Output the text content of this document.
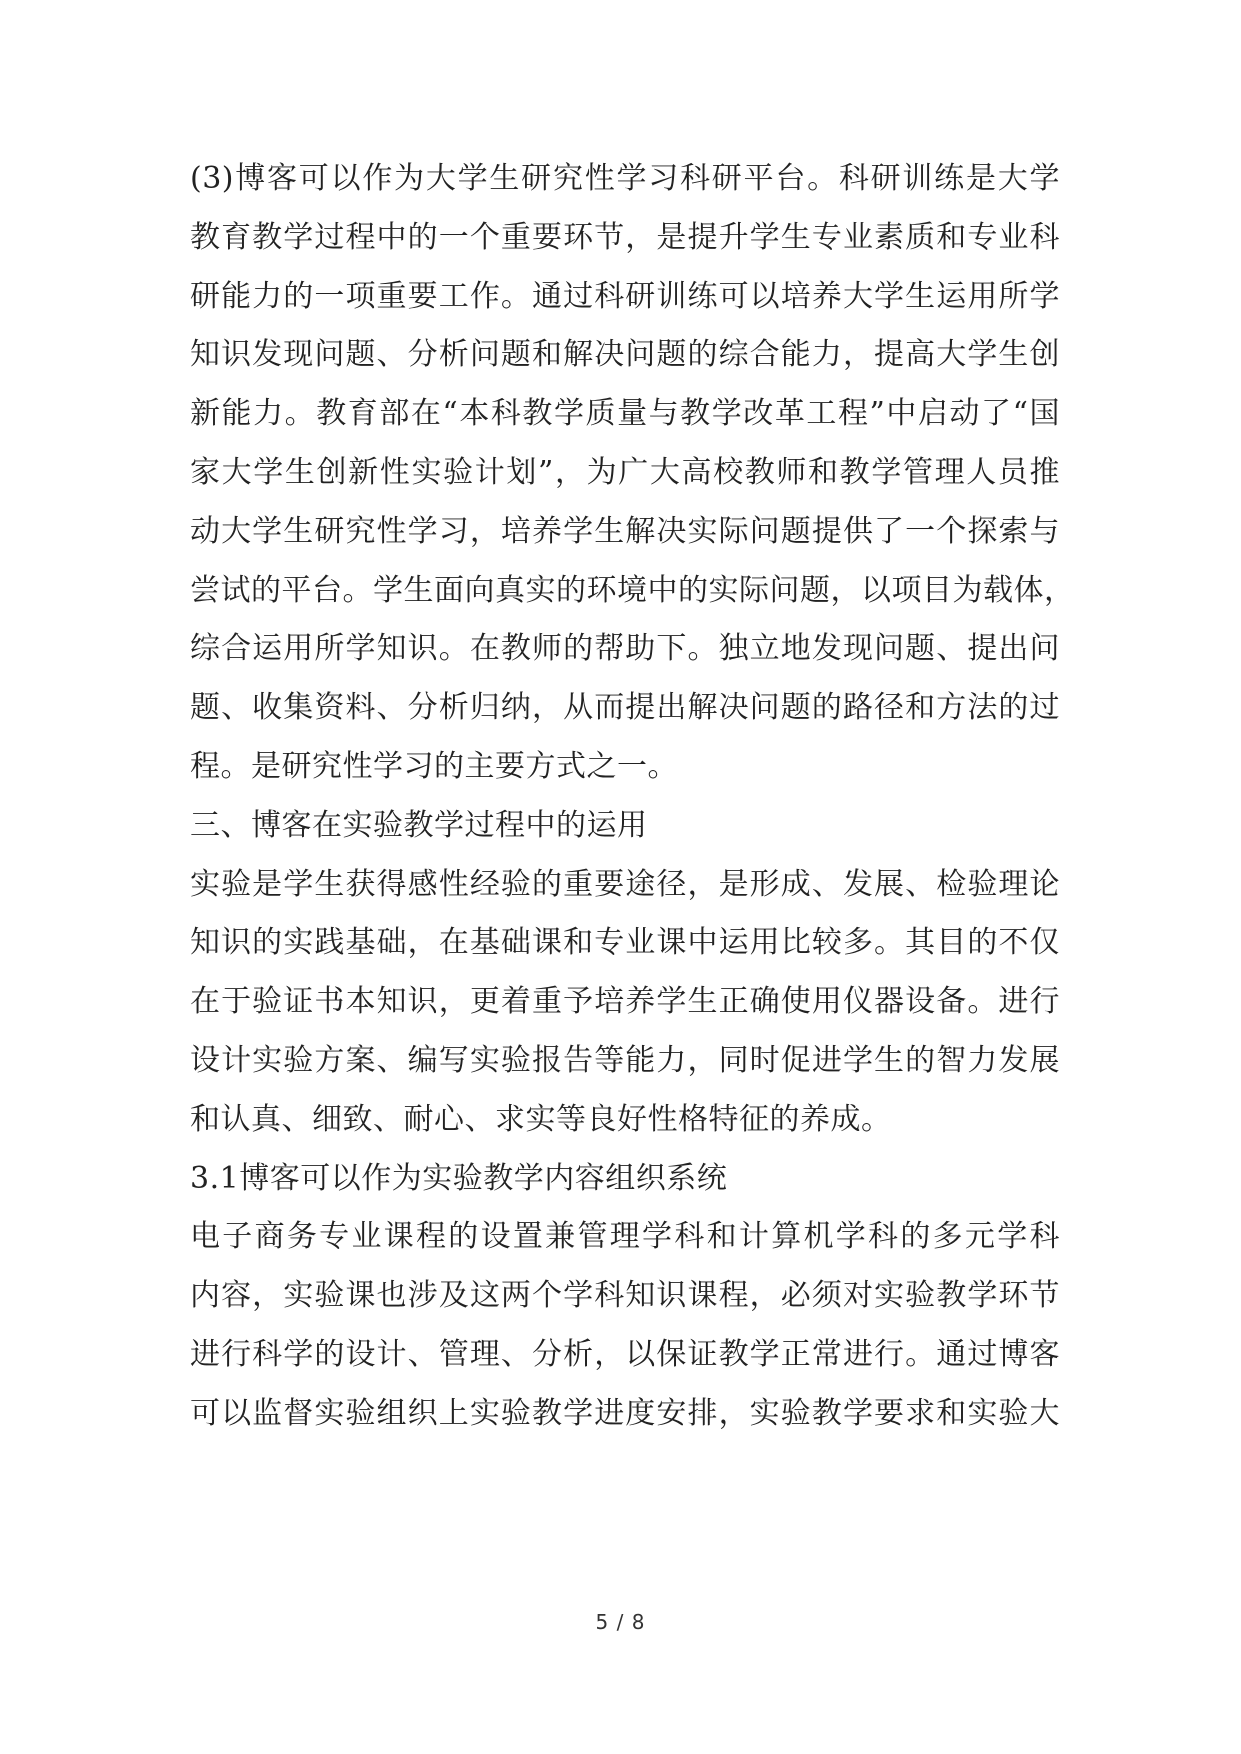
(3)博客可以作为大学生研究性学习科研平台。科研训练是大学
教育教学过程中的一个重要环节，是提升学生专业素质和专业科
研能力的一项重要工作。通过科研训练可以培养大学生运用所学
知识发现问题、分析问题和解决问题的综合能力，提高大学生创
新能力。教育部在“本科教学质量与教学改革工程”中启动了“国
家大学生创新性实验计划”，为广大高校教师和教学管理人员推
动大学生研究性学习，培养学生解决实际问题提供了一个探索与
尝试的平台。学生面向真实的环境中的实际问题，以项目为载体，
综合运用所学知识。在教师的帮助下。独立地发现问题、提出问
题、收集资料、分析归纳，从而提出解决问题的路径和方法的过
程。是研究性学习的主要方式之一。
三、博客在实验教学过程中的运用
实验是学生获得感性经验的重要途径，是形成、发展、检验理论
知识的实践基础，在基础课和专业课中运用比较多。其目的不仅
在于验证书本知识，更着重予培养学生正确使用仪器设备。进行
设计实验方案、编写实验报告等能力，同时促进学生的智力发展
和认真、细致、耐心、求实等良好性格特征的养成。
3.1博客可以作为实验教学内容组织系统
电子商务专业课程的设置兼管理学科和计算机学科的多元学科
内容，实验课也涉及这两个学科知识课程，必须对实验教学环节
进行科学的设计、管理、分析，以保证教学正常进行。通过博客
可以监督实验组织上实验教学进度安排，实验教学要求和实验大
5 / 8
